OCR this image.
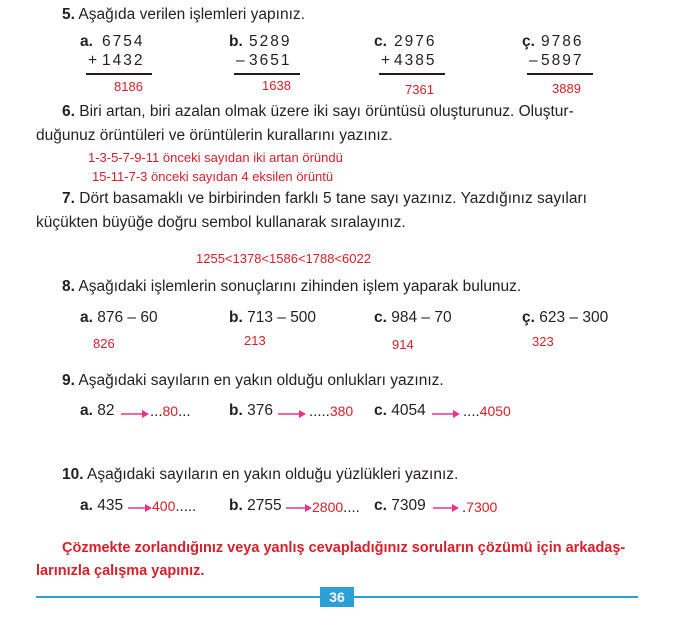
5. Aşağıda verilen işlemleri yapınız.
a. 6754
+ 1432
8186
b. 5289
– 3651
1638
c. 2976
+ 4385
7361
ç. 9786
– 5897
3889
6. Biri artan, biri azalan olmak üzere iki sayı örüntüsü oluşturunuz. Oluştur-
duğunuz örüntüleri ve örüntülerin kurallarını yazınız.
1-3-5-7-9-11 önceki sayıdan iki artan öründü
15-11-7-3 önceki sayıdan 4 eksilen örüntü
7. Dört basamaklı ve birbirinden farklı 5 tane sayı yazınız. Yazdığınız sayıları
küçükten büyüğe doğru sembol kullanarak sıralayınız.
1255<1378<1586<1788<6022
8. Aşağıdaki işlemlerin sonuçlarını zihinden işlem yaparak bulunuz.
a. 876 – 60
826
b. 713 – 500
213
c. 984 – 70
914
ç. 623 – 300
323
9. Aşağıdaki sayıların en yakın olduğu onlukları yazınız.
a. 82 ...80... b. 376 .....380 c. 4054 ....4050
10. Aşağıdaki sayıların en yakın olduğu yüzlükleri yazınız.
a. 435 400..... b. 2755 2800.... c. 7309 .7300
Çözmekte zorlandığınız veya yanlış cevapladığınız soruların çözümü için arkadaş-
larınızla çalışma yapınız.
36
